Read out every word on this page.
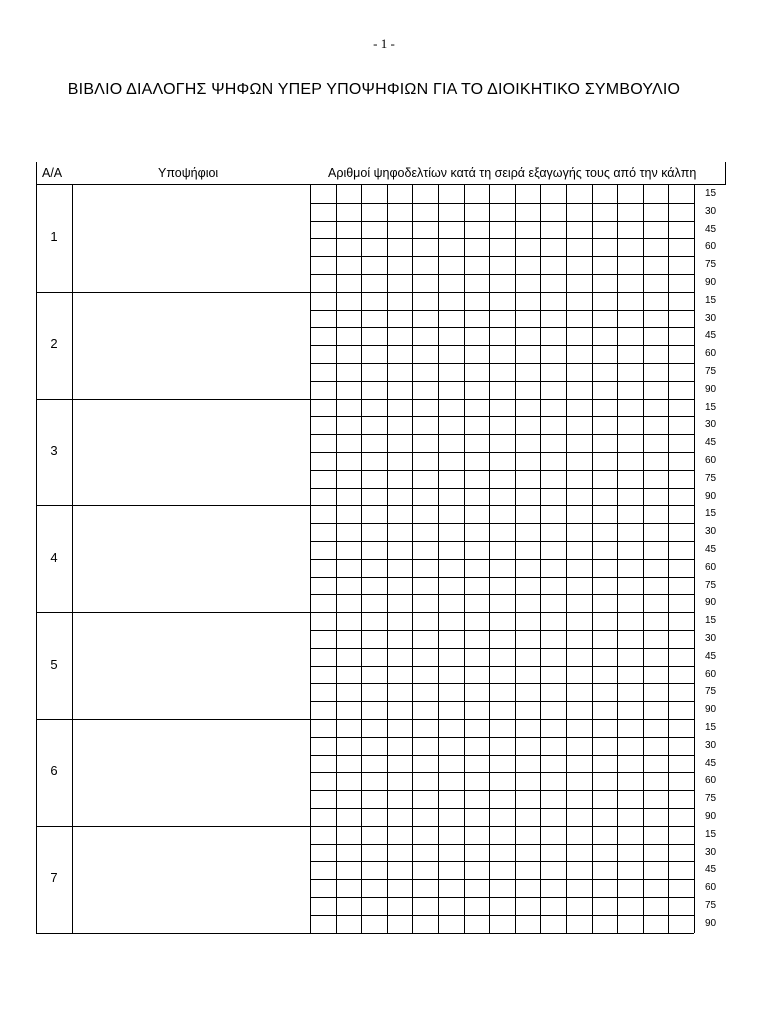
- 1 -
ΒΙΒΛΙΟ ΔΙΑΛΟΓΗΣ ΨΗΦΩΝ ΥΠΕΡ ΥΠΟΨΗΦΙΩΝ ΓΙΑ ΤΟ ΔΙΟΙΚΗΤΙΚΟ ΣΥΜΒΟΥΛΙΟ
Α/Α	Υποψήφιοι	Αριθμοί ψηφοδελτίων κατά τη σειρά εξαγωγής τους από την κάλπη
1
15
30
45
60
75
90
2
15
30
45
60
75
90
3
15
30
45
60
75
90
4
15
30
45
60
75
90
5
15
30
45
60
75
90
6
15
30
45
60
75
90
7
15
30
45
60
75
90
